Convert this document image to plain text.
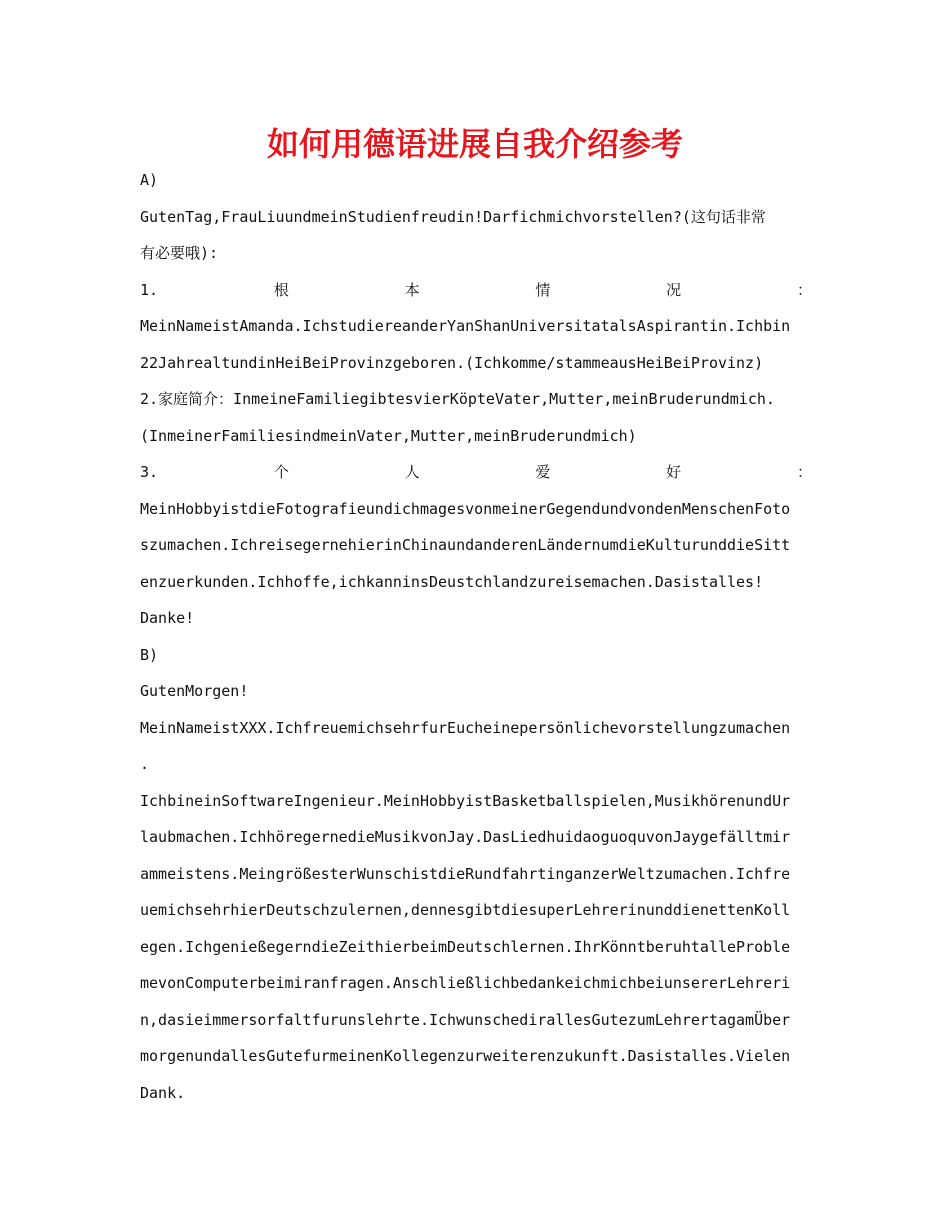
如何用德语进展自我介绍参考
A)
GutenTag,FrauLiuundmeinStudienfreudin!Darfichmichvorstellen?(这句话非常
有必要哦):
1.	根	本	情	况	：
MeinNameistAmanda.IchstudiereanderYanShanUniversitatalsAspirantin.Ichbin
22JahrealtundinHeiBeiProvinzgeboren.(Ichkomme/stammeausHeiBeiProvinz)
2.家庭简介：InmeineFamiliegibtesvierKöpteVater,Mutter,meinBruderundmich.
(InmeinerFamiliesindmeinVater,Mutter,meinBruderundmich)
3.	个	人	爱	好	：
MeinHobbyistdieFotografieundichmagesvonmeinerGegendundvondenMenschenFoto
szumachen.IchreisegernehierinChinaundanderenLändernumdieKulturunddieSitt
enzuerkunden.Ichhoffe,ichkanninsDeustchlandzureisemachen.Dasistalles!
Danke!
B)
GutenMorgen!
MeinNameistXXX.IchfreuemichsehrfurEucheinepersönlichevorstellungzumachen
.
IchbineinSoftwareIngenieur.MeinHobbyistBasketballspielen,MusikhörenundUr
laubmachen.IchhöregernedieMusikvonJay.DasLiedhuidaoguoquvonJaygefälltmir
ammeistens.MeingrößesterWunschistdieRundfahrtinganzerWeltzumachen.Ichfre
uemichsehrhierDeutschzulernen,dennesgibtdiesuperLehrerinunddienettenKoll
egen.IchgenießegerndieZeithierbeimDeutschlernen.IhrKönntberuhtalleProble
mevonComputerbeimiranfragen.AnschließlichbedankeichmichbeiunsererLehreri
n,dasieimmersorfaltfurunslehrte.IchwunschedirallesGutezumLehrertagamÜber
morgenundallesGutefurmeinenKollegenzurweiterenzukunft.Dasistalles.Vielen
Dank.
